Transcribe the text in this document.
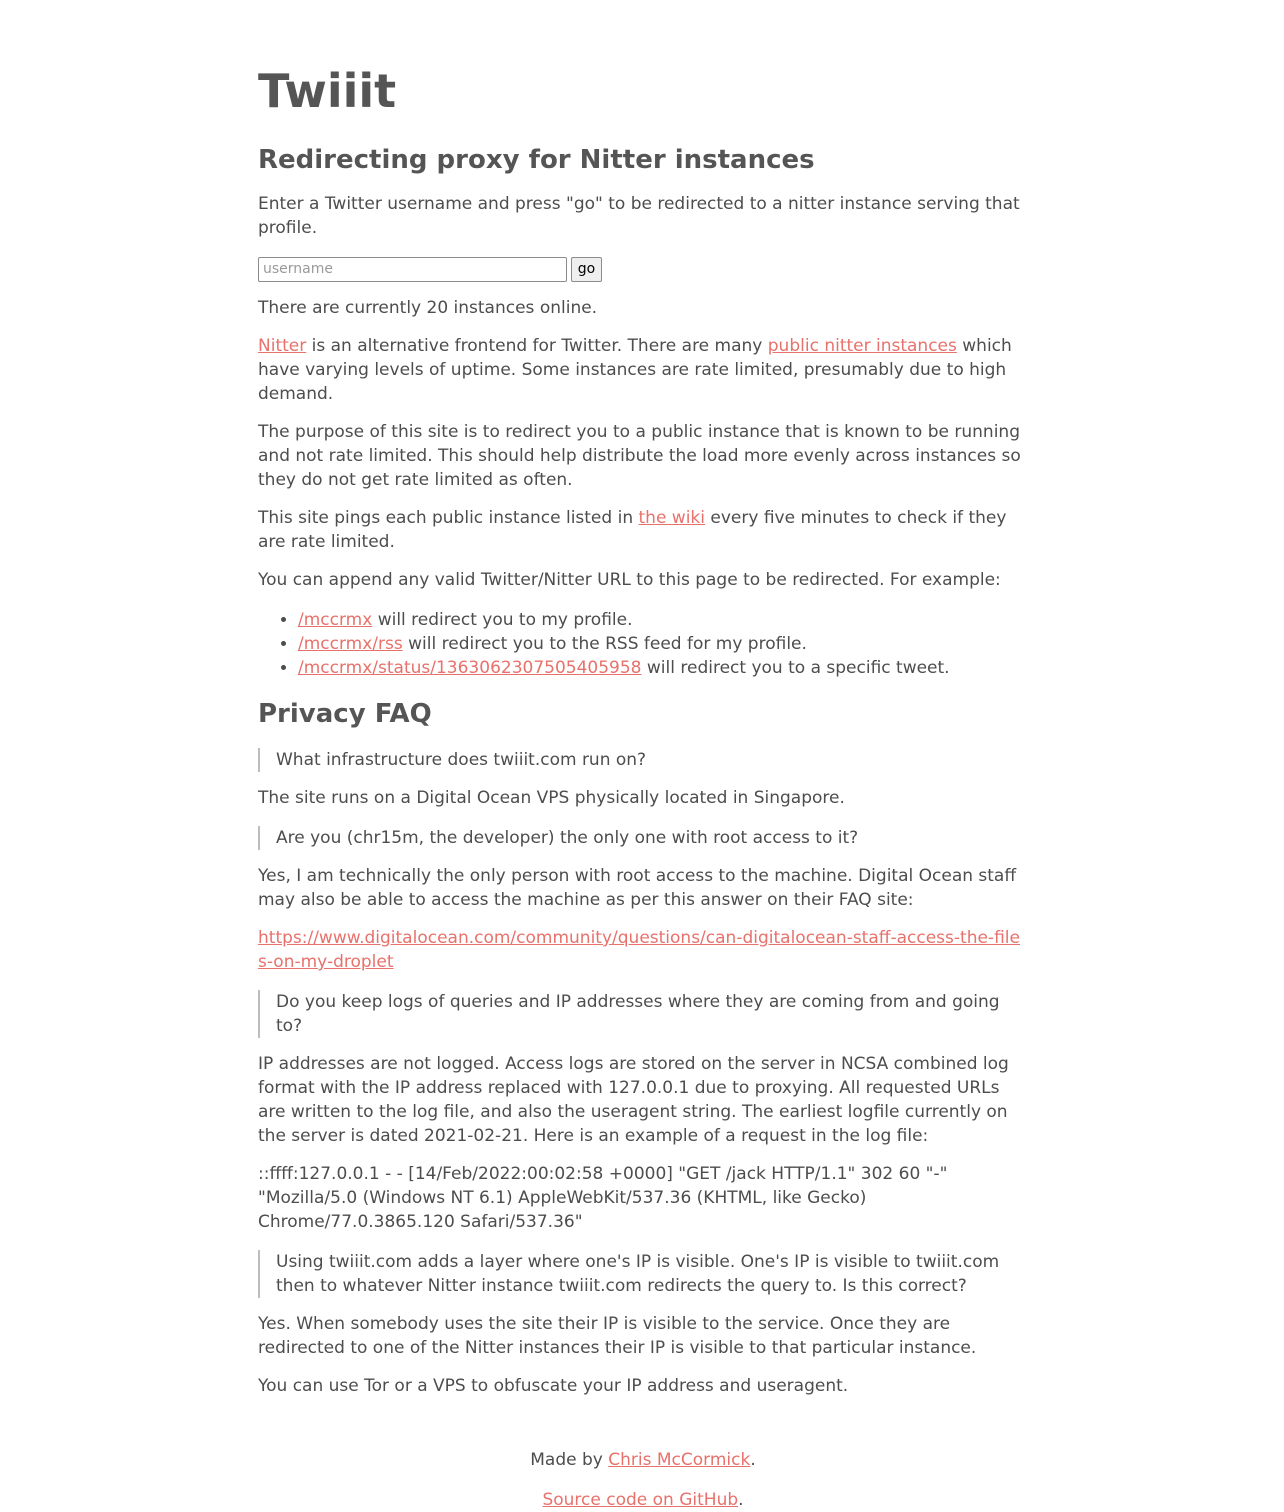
Twiiit
Redirecting proxy for Nitter instances

Enter a Twitter username and press "go" to be redirected to a nitter instance serving that profile.

username
go

There are currently 20 instances online.

Nitter is an alternative frontend for Twitter. There are many public nitter instances which have varying levels of uptime. Some instances are rate limited, presumably due to high demand.

The purpose of this site is to redirect you to a public instance that is known to be running and not rate limited. This should help distribute the load more evenly across instances so they do not get rate limited as often.

This site pings each public instance listed in the wiki every five minutes to check if they are rate limited.

You can append any valid Twitter/Nitter URL to this page to be redirected. For example:

• /mccrmx will redirect you to my profile.
• /mccrmx/rss will redirect you to the RSS feed for my profile.
• /mccrmx/status/1363062307505405958 will redirect you to a specific tweet.
Privacy FAQ
What infrastructure does twiiit.com run on?

The site runs on a Digital Ocean VPS physically located in Singapore.

Are you (chr15m, the developer) the only one with root access to it?

Yes, I am technically the only person with root access to the machine. Digital Ocean staff may also be able to access the machine as per this answer on their FAQ site:

https://www.digitalocean.com/community/questions/can-digitalocean-staff-access-the-files-on-my-droplet

Do you keep logs of queries and IP addresses where they are coming from and going to?

IP addresses are not logged. Access logs are stored on the server in NCSA combined log format with the IP address replaced with 127.0.0.1 due to proxying. All requested URLs are written to the log file, and also the useragent string. The earliest logfile currently on the server is dated 2021-02-21. Here is an example of a request in the log file:

::ffff:127.0.0.1 - - [14/Feb/2022:00:02:58 +0000] "GET /jack HTTP/1.1" 302 60 "-" "Mozilla/5.0 (Windows NT 6.1) AppleWebKit/537.36 (KHTML, like Gecko) Chrome/77.0.3865.120 Safari/537.36"

Using twiiit.com adds a layer where one's IP is visible. One's IP is visible to twiiit.com then to whatever Nitter instance twiiit.com redirects the query to. Is this correct?

Yes. When somebody uses the site their IP is visible to the service. Once they are redirected to one of the Nitter instances their IP is visible to that particular instance.

You can use Tor or a VPS to obfuscate your IP address and useragent.

Made by Chris McCormick.

Source code on GitHub.
